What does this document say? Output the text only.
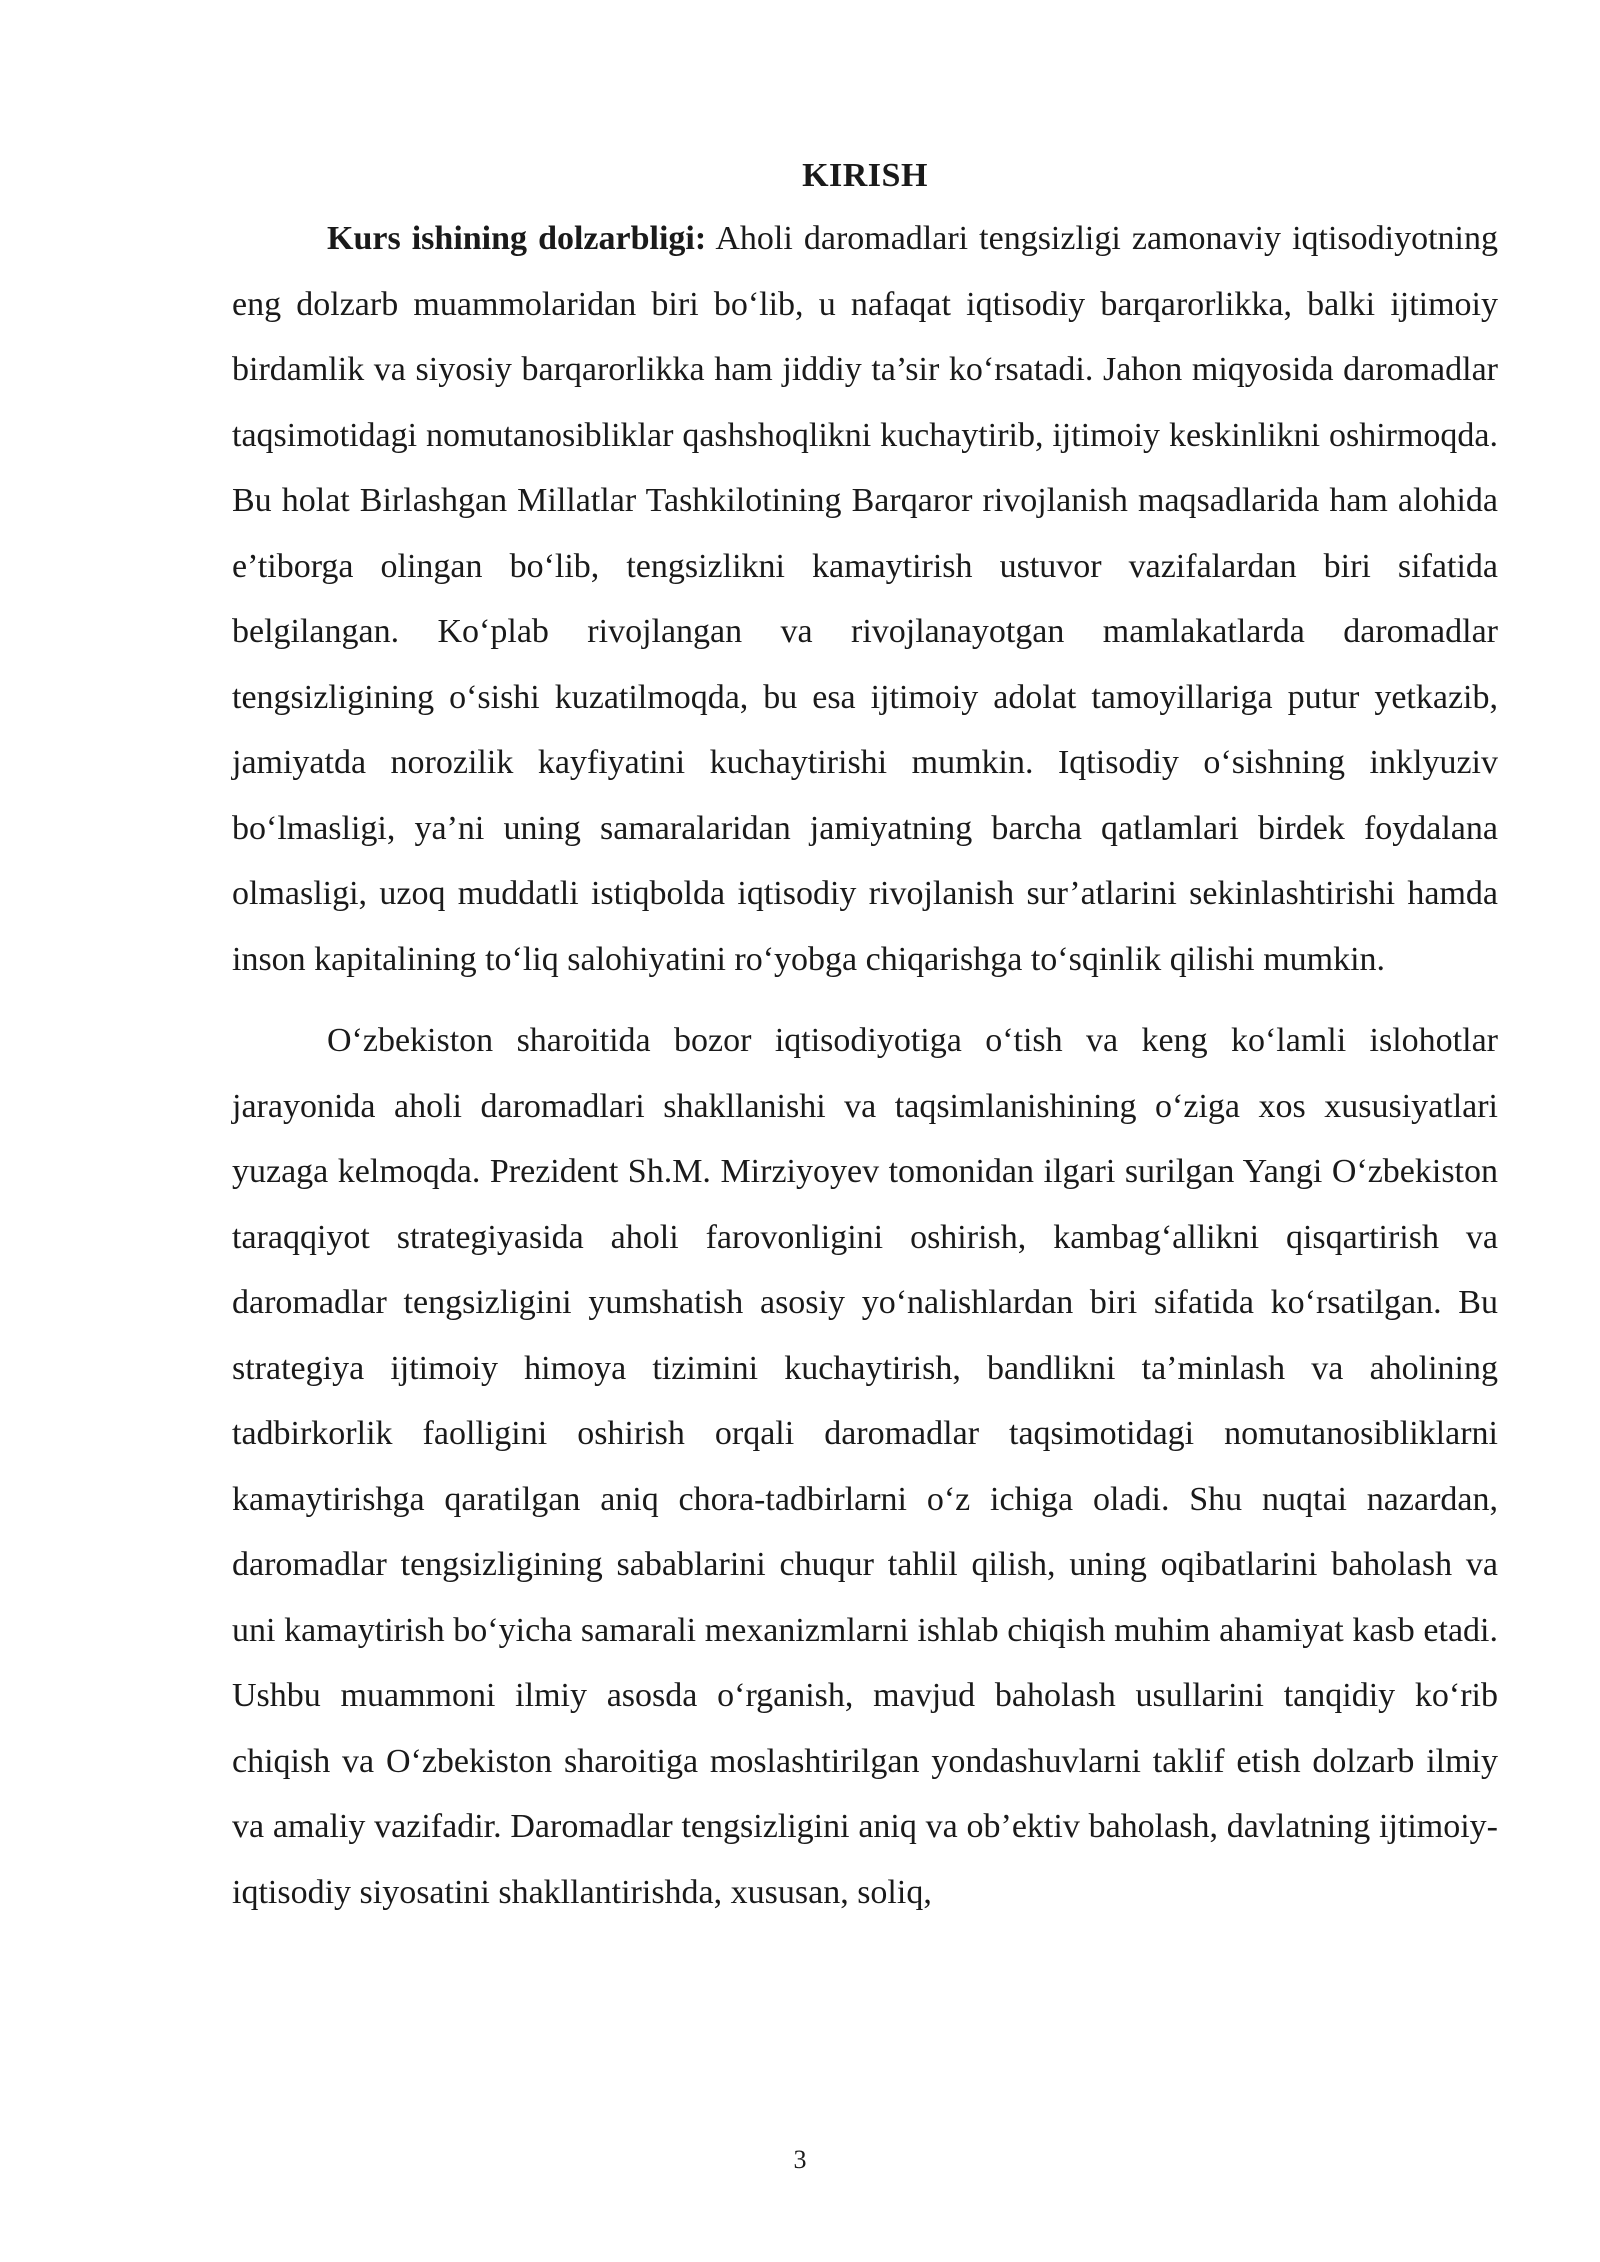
KIRISH

Kurs ishining dolzarbligi: Aholi daromadlari tengsizligi zamonaviy iqtisodiyotning eng dolzarb muammolaridan biri bo‘lib, u nafaqat iqtisodiy barqarorlikka, balki ijtimoiy birdamlik va siyosiy barqarorlikka ham jiddiy ta’sir ko‘rsatadi. Jahon miqyosida daromadlar taqsimotidagi nomutanosibliklar qashshoqlikni kuchaytirib, ijtimoiy keskinlikni oshirmoqda. Bu holat Birlashgan Millatlar Tashkilotining Barqaror rivojlanish maqsadlarida ham alohida e’tiborga olingan bo‘lib, tengsizlikni kamaytirish ustuvor vazifalardan biri sifatida belgilangan. Ko‘plab rivojlangan va rivojlanayotgan mamlakatlarda daromadlar tengsizligining o‘sishi kuzatilmoqda, bu esa ijtimoiy adolat tamoyillariga putur yetkazib, jamiyatda norozilik kayfiyatini kuchaytirishi mumkin. Iqtisodiy o‘sishning inklyuziv bo‘lmasligi, ya’ni uning samaralaridan jamiyatning barcha qatlamlari birdek foydalana olmasligi, uzoq muddatli istiqbolda iqtisodiy rivojlanish sur’atlarini sekinlashtirishi hamda inson kapitalining to‘liq salohiyatini ro‘yobga chiqarishga to‘sqinlik qilishi mumkin.

O‘zbekiston sharoitida bozor iqtisodiyotiga o‘tish va keng ko‘lamli islohotlar jarayonida aholi daromadlari shakllanishi va taqsimlanishining o‘ziga xos xususiyatlari yuzaga kelmoqda. Prezident Sh.M. Mirziyoyev tomonidan ilgari surilgan Yangi O‘zbekiston taraqqiyot strategiyasida aholi farovonligini oshirish, kambag‘allikni qisqartirish va daromadlar tengsizligini yumshatish asosiy yo‘nalishlardan biri sifatida ko‘rsatilgan. Bu strategiya ijtimoiy himoya tizimini kuchaytirish, bandlikni ta’minlash va aholining tadbirkorlik faolligini oshirish orqali daromadlar taqsimotidagi nomutanosibliklarni kamaytirishga qaratilgan aniq chora-tadbirlarni o‘z ichiga oladi. Shu nuqtai nazardan, daromadlar tengsizligining sabablarini chuqur tahlil qilish, uning oqibatlarini baholash va uni kamaytirish bo‘yicha samarali mexanizmlarni ishlab chiqish muhim ahamiyat kasb etadi. Ushbu muammoni ilmiy asosda o‘rganish, mavjud baholash usullarini tanqidiy ko‘rib chiqish va O‘zbekiston sharoitiga moslashtirilgan yondashuvlarni taklif etish dolzarb ilmiy va amaliy vazifadir. Daromadlar tengsizligini aniq va ob’ektiv baholash, davlatning ijtimoiy-iqtisodiy siyosatini shakllantirishda, xususan, soliq,

3
